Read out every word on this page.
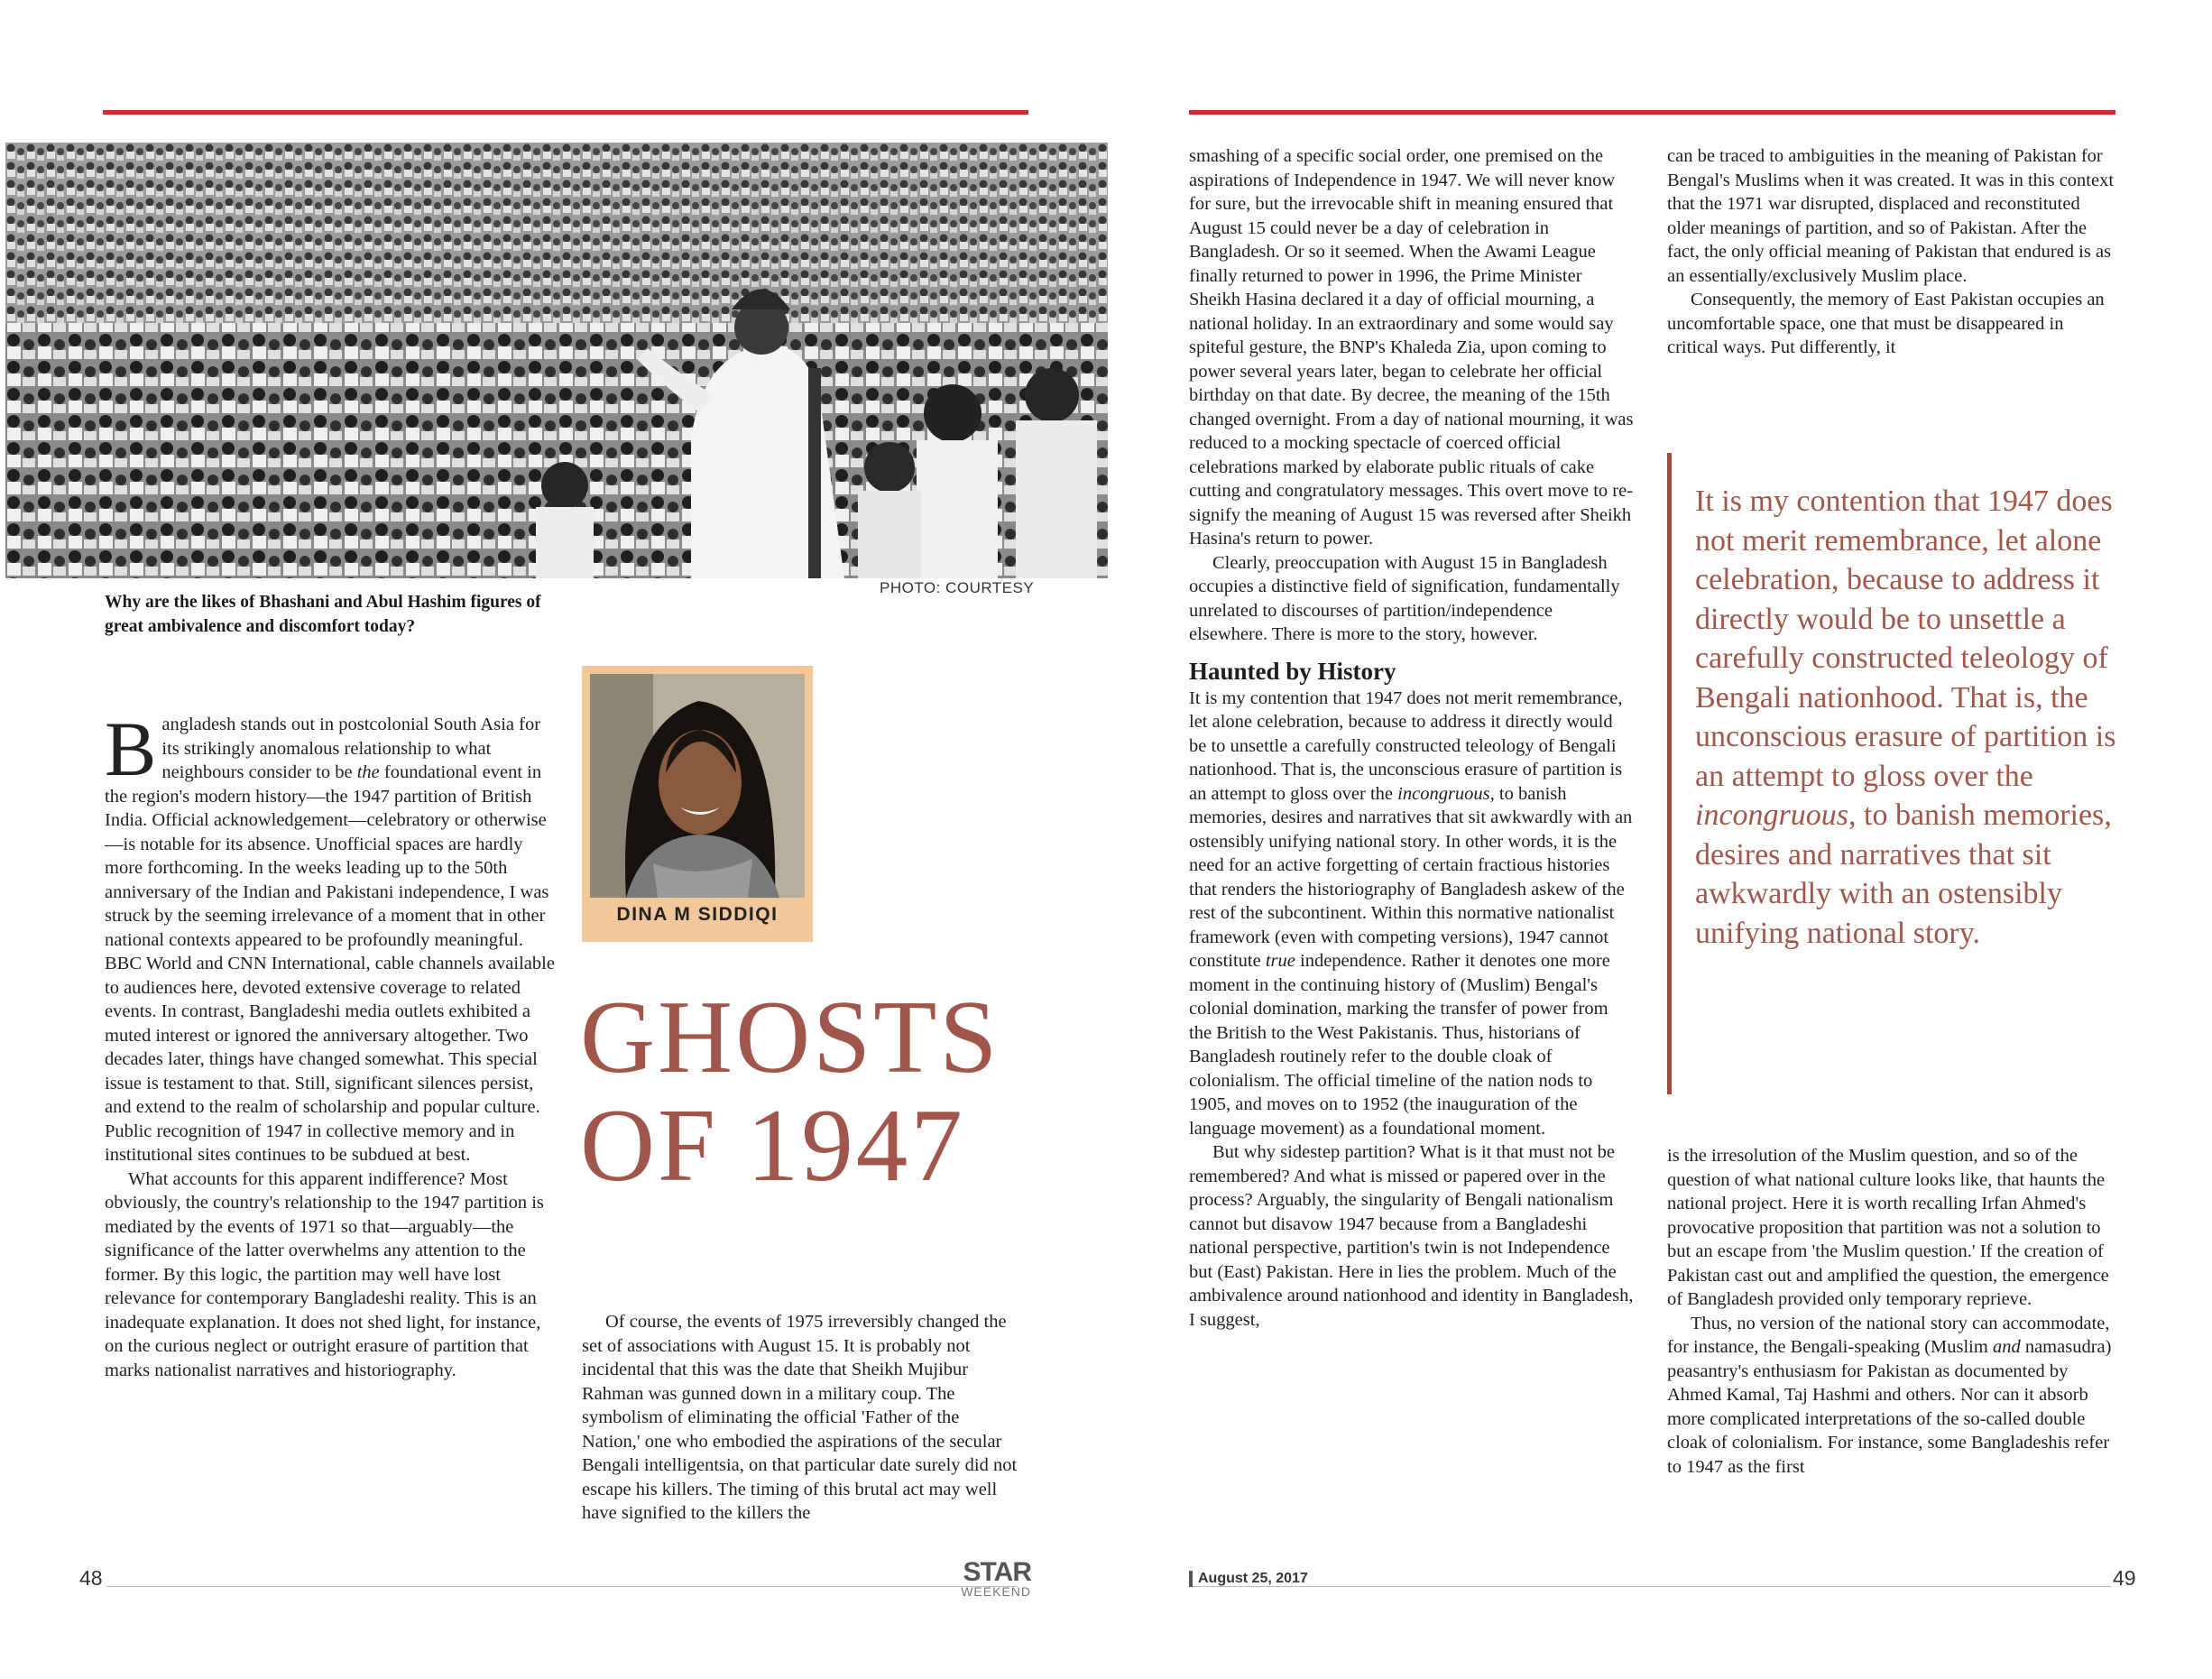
Why are the likes of Bhashani and Abul Hashim figures of great ambivalence and discomfort today?
PHOTO: COURTESY
DINA M SIDDIQI
GHOSTS
OF 1947

Bangladesh stands out in postcolonial South Asia for its strikingly anomalous relationship to what neighbours consider to be the foundational event in the region's modern history—the 1947 partition of British India. Official acknowledgement—celebratory or otherwise—is notable for its absence. Unofficial spaces are hardly more forthcoming. In the weeks leading up to the 50th anniversary of the Indian and Pakistani independence, I was struck by the seeming irrelevance of a moment that in other national contexts appeared to be profoundly meaningful. BBC World and CNN International, cable channels available to audiences here, devoted extensive coverage to related events. In contrast, Bangladeshi media outlets exhibited a muted interest or ignored the anniversary altogether. Two decades later, things have changed somewhat. This special issue is testament to that. Still, significant silences persist, and extend to the realm of scholarship and popular culture. Public recognition of 1947 in collective memory and in institutional sites continues to be subdued at best.

What accounts for this apparent indifference? Most obviously, the country's relationship to the 1947 partition is mediated by the events of 1971 so that—arguably—the significance of the latter overwhelms any attention to the former. By this logic, the partition may well have lost relevance for contemporary Bangladeshi reality. This is an inadequate explanation. It does not shed light, for instance, on the curious neglect or outright erasure of partition that marks nationalist narratives and historiography.

Of course, the events of 1975 irreversibly changed the set of associations with August 15. It is probably not incidental that this was the date that Sheikh Mujibur Rahman was gunned down in a military coup. The symbolism of eliminating the official 'Father of the Nation,' one who embodied the aspirations of the secular Bengali intelligentsia, on that particular date surely did not escape his killers. The timing of this brutal act may well have signified to the killers the

smashing of a specific social order, one premised on the aspirations of Independence in 1947. We will never know for sure, but the irrevocable shift in meaning ensured that August 15 could never be a day of celebration in Bangladesh. Or so it seemed. When the Awami League finally returned to power in 1996, the Prime Minister Sheikh Hasina declared it a day of official mourning, a national holiday. In an extraordinary and some would say spiteful gesture, the BNP's Khaleda Zia, upon coming to power several years later, began to celebrate her official birthday on that date. By decree, the meaning of the 15th changed overnight. From a day of national mourning, it was reduced to a mocking spectacle of coerced official celebrations marked by elaborate public rituals of cake cutting and congratulatory messages. This overt move to re-signify the meaning of August 15 was reversed after Sheikh Hasina's return to power.

Clearly, preoccupation with August 15 in Bangladesh occupies a distinctive field of signification, fundamentally unrelated to discourses of partition/independence elsewhere. There is more to the story, however.

Haunted by History

It is my contention that 1947 does not merit remembrance, let alone celebration, because to address it directly would be to unsettle a carefully constructed teleology of Bengali nationhood. That is, the unconscious erasure of partition is an attempt to gloss over the incongruous, to banish memories, desires and narratives that sit awkwardly with an ostensibly unifying national story. In other words, it is the need for an active forgetting of certain fractious histories that renders the historiography of Bangladesh askew of the rest of the subcontinent. Within this normative nationalist framework (even with competing versions), 1947 cannot constitute true independence. Rather it denotes one more moment in the continuing history of (Muslim) Bengal's colonial domination, marking the transfer of power from the British to the West Pakistanis. Thus, historians of Bangladesh routinely refer to the double cloak of colonialism. The official timeline of the nation nods to 1905, and moves on to 1952 (the inauguration of the language movement) as a foundational moment.

But why sidestep partition? What is it that must not be remembered? And what is missed or papered over in the process? Arguably, the singularity of Bengali nationalism cannot but disavow 1947 because from a Bangladeshi national perspective, partition's twin is not Independence but (East) Pakistan. Here in lies the problem. Much of the ambivalence around nationhood and identity in Bangladesh, I suggest,

can be traced to ambiguities in the meaning of Pakistan for Bengal's Muslims when it was created. It was in this context that the 1971 war disrupted, displaced and reconstituted older meanings of partition, and so of Pakistan. After the fact, the only official meaning of Pakistan that endured is as an essentially/exclusively Muslim place.

Consequently, the memory of East Pakistan occupies an uncomfortable space, one that must be disappeared in critical ways. Put differently, it

It is my contention that 1947 does not merit remembrance, let alone celebration, because to address it directly would be to unsettle a carefully constructed teleology of Bengali nationhood. That is, the unconscious erasure of partition is an attempt to gloss over the incongruous, to banish memories, desires and narratives that sit awkwardly with an ostensibly unifying national story.

is the irresolution of the Muslim question, and so of the question of what national culture looks like, that haunts the national project. Here it is worth recalling Irfan Ahmed's provocative proposition that partition was not a solution to but an escape from 'the Muslim question.' If the creation of Pakistan cast out and amplified the question, the emergence of Bangladesh provided only temporary reprieve.

Thus, no version of the national story can accommodate, for instance, the Bengali-speaking (Muslim and namasudra) peasantry's enthusiasm for Pakistan as documented by Ahmed Kamal, Taj Hashmi and others. Nor can it absorb more complicated interpretations of the so-called double cloak of colonialism. For instance, some Bangladeshis refer to 1947 as the first

48	49
STAR
WEEKEND
August 25, 2017
